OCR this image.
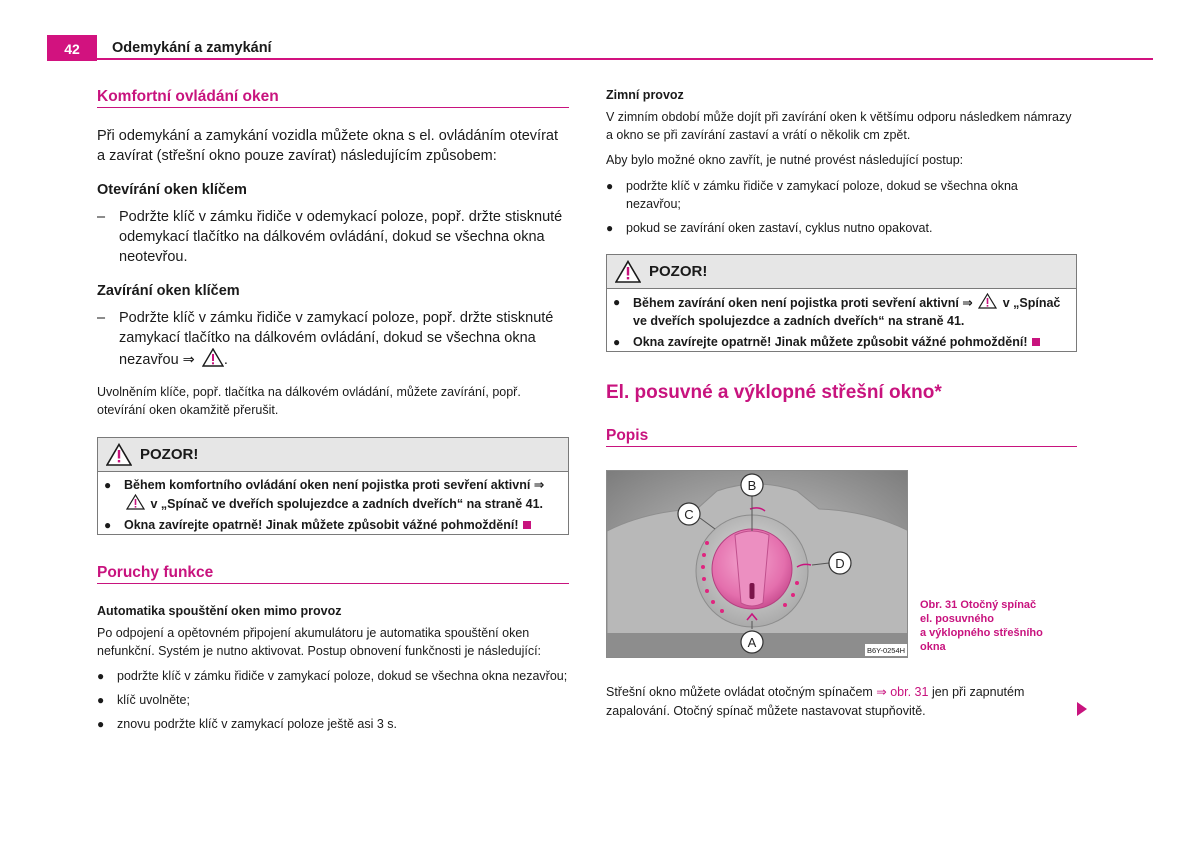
42	Odemykání a zamykání
Komfortní ovládání oken
Při odemykání a zamykání vozidla můžete okna s el. ovládáním otevírat a zavírat (střešní okno pouze zavírat) následujícím způsobem:
Otevírání oken klíčem
– Podržte klíč v zámku řidiče v odemykací poloze, popř. držte stisknuté odemykací tlačítko na dálkovém ovládání, dokud se všechna okna neotevřou.
Zavírání oken klíčem
– Podržte klíč v zámku řidiče v zamykací poloze, popř. držte stisknuté zamykací tlačítko na dálkovém ovládání, dokud se všechna okna nezavřou ⇒ .
Uvolněním klíče, popř. tlačítka na dálkovém ovládání, můžete zavírání, popř. otevírání oken okamžitě přerušit.
POZOR!
●	Během komfortního ovládání oken není pojistka proti sevření aktivní ⇒  v „Spínač ve dveřích spolujezdce a zadních dveřích“ na straně 41.
●	Okna zavírejte opatrně! Jinak můžete způsobit vážné pohmoždění!
Poruchy funkce
Automatika spouštění oken mimo provoz
Po odpojení a opětovném připojení akumulátoru je automatika spouštění oken nefunkční. Systém je nutno aktivovat. Postup obnovení funkčnosti je následující:
●	podržte klíč v zámku řidiče v zamykací poloze, dokud se všechna okna nezavřou;
●	klíč uvolněte;
●	znovu podržte klíč v zamykací poloze ještě asi 3 s.
Zimní provoz
V zimním období může dojít při zavírání oken k většímu odporu následkem námrazy a okno se při zavírání zastaví a vrátí o několik cm zpět.
Aby bylo možné okno zavřít, je nutné provést následující postup:
●	podržte klíč v zámku řidiče v zamykací poloze, dokud se všechna okna nezavřou;
●	pokud se zavírání oken zastaví, cyklus nutno opakovat.
POZOR!
●	Během zavírání oken není pojistka proti sevření aktivní ⇒ v „Spínač ve dveřích spolujezdce a zadních dveřích“ na straně 41.
●	Okna zavírejte opatrně! Jinak můžete způsobit vážné pohmoždění!
El. posuvné a výklopné střešní okno*
Popis
B
C
D
A
B6Y-0254H
Obr. 31 Otočný spínač
el. posuvného
a výklopného střešního
okna
Střešní okno můžete ovládat otočným spínačem ⇒ obr. 31 jen při zapnutém zapalování. Otočný spínač můžete nastavovat stupňovitě.
